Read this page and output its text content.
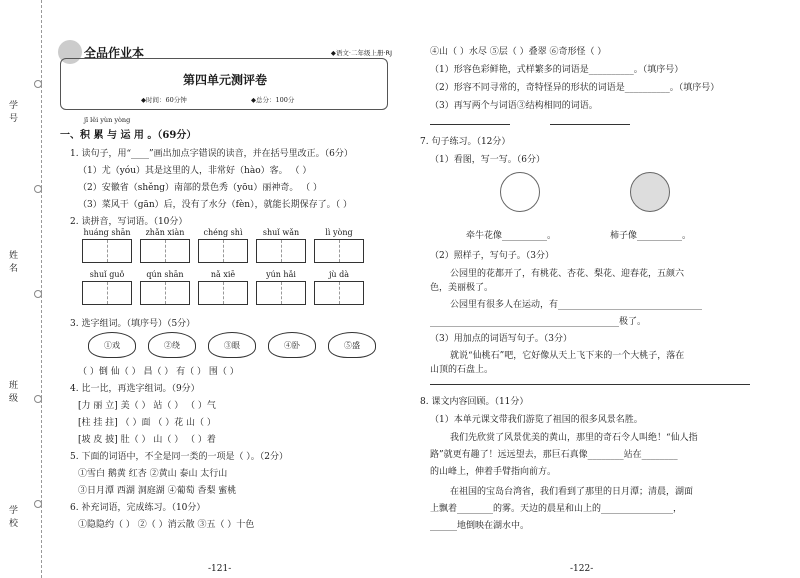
学号
姓名
班级
学校
全品作业本	◆语文·二年级上册·RJ
第四单元测评卷
◆时间：60分钟	◆总分：100分
jī lěi yùn yòng
一、积 累 与 运 用 。（69分）
1. 读句子，用“____”画出加点字错误的读音，并在括号里改正。（6分）
（1）尤（yóu）其是这里的人，非常好（hào）客。 （ ）
（2）安徽省（shěng）南部的景色秀（yōu）丽神奇。 （ ）
（3）菜风干（gān）后，没有了水分（fèn），就能长期保存了。（ ）
2. 读拼音，写词语。（10分）
huáng shān	zhǎn xiàn	chéng shì	shuǐ wǎn	lì yòng
shuǐ guǒ	qún shān	nǎ xiē	yún hǎi	jù dà
3. 选字组词。（填序号）（5分）
①戏	②绕	③眼	④卧	⑤盛
（ ）倒 仙（ ） 昌（ ） 有（ ） 围（ ）
4. 比一比，再选字组词。（9分）
[力 丽 立] 美（ ） 站（ ） （ ）气
[柱 挂 拄] （ ）面 （ ）花 山（ ）
[坡 皮 披] 肚（ ） 山（ ） （ ）着
5. 下面的词语中，不全是同一类的一项是（ ）。（2分）
①雪白 鹅黄 红杏 ②黄山 泰山 太行山
③日月潭 西湖 洞庭湖 ④葡萄 香梨 蜜桃
6. 补充词语，完成练习。（10分）
①隐隐约（ ） ②（ ）消云散 ③五（ ）十色
-121-
④山（ ）水尽 ⑤层（ ）叠翠 ⑥奇形怪（ ）
（1）形容色彩鲜艳，式样繁多的词语是__________。（填序号）
（2）形容不同寻常的，奇特怪异的形状的词语是__________。（填序号）
（3）再写两个与词语③结构相同的词语。
7. 句子练习。（12分）
（1）看图，写一写。（6分）
牵牛花像__________。	柿子像__________。
（2）照样子，写句子。（3分）
公园里的花都开了，有桃花、杏花、梨花、迎春花，五颜六
色，美丽极了。
公园里有很多人在运动，有________________________________
__________________________________________极了。
（3）用加点的词语写句子。（3分）
就说“仙桃石”吧，它好像从天上飞下来的一个大桃子，落在
山顶的石盘上。
8. 课文内容回顾。（11分）
（1）本单元课文带我们游览了祖国的很多风景名胜。
我们先欣赏了风景优美的黄山，那里的奇石令人叫绝！“仙人指
路”就更有趣了！远远望去，那巨石真像________站在________
的山峰上，伸着手臂指向前方。
在祖国的宝岛台湾省，我们看到了那里的日月潭；清晨，湖面
上飘着________的雾。天边的晨星和山上的________________，
______地倒映在湖水中。
-122-
